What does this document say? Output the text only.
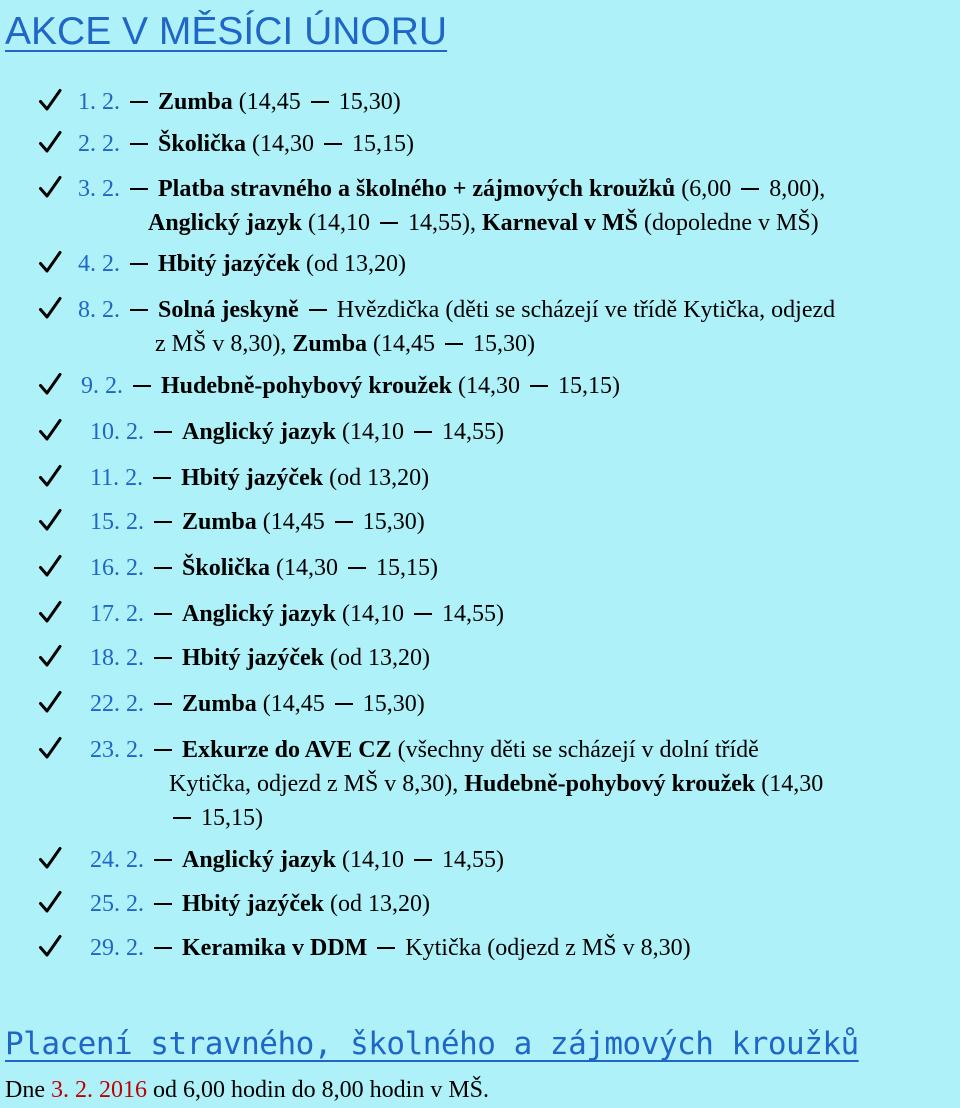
AKCE V MĚSÍCI ÚNORU
1. 2. Zumba (14,45  15,30)
2. 2. Školička (14,30  15,15)
3. 2. Platba stravného a školného + zájmových kroužků (6,00  8,00),
Anglický jazyk (14,10  14,55), Karneval v MŠ (dopoledne v MŠ)
4. 2. Hbitý jazýček (od 13,20)
8. 2. Solná jeskyně  Hvězdička (děti se scházejí ve třídě Kytička, odjezd
z MŠ v 8,30), Zumba (14,45  15,30)
9. 2. Hudebně-pohybový kroužek (14,30  15,15)
10. 2. Anglický jazyk (14,10  14,55)
11. 2. Hbitý jazýček (od 13,20)
15. 2. Zumba (14,45  15,30)
16. 2. Školička (14,30  15,15)
17. 2. Anglický jazyk (14,10  14,55)
18. 2. Hbitý jazýček (od 13,20)
22. 2. Zumba (14,45  15,30)
23. 2. Exkurze do AVE CZ (všechny děti se scházejí v dolní třídě
Kytička, odjezd z MŠ v 8,30), Hudebně-pohybový kroužek (14,30
15,15)
24. 2. Anglický jazyk (14,10  14,55)
25. 2. Hbitý jazýček (od 13,20)
29. 2. Keramika v DDM  Kytička (odjezd z MŠ v 8,30)
Placení stravného, školného a zájmových kroužků

Dne 3. 2. 2016 od 6,00 hodin do 8,00 hodin v MŠ.
